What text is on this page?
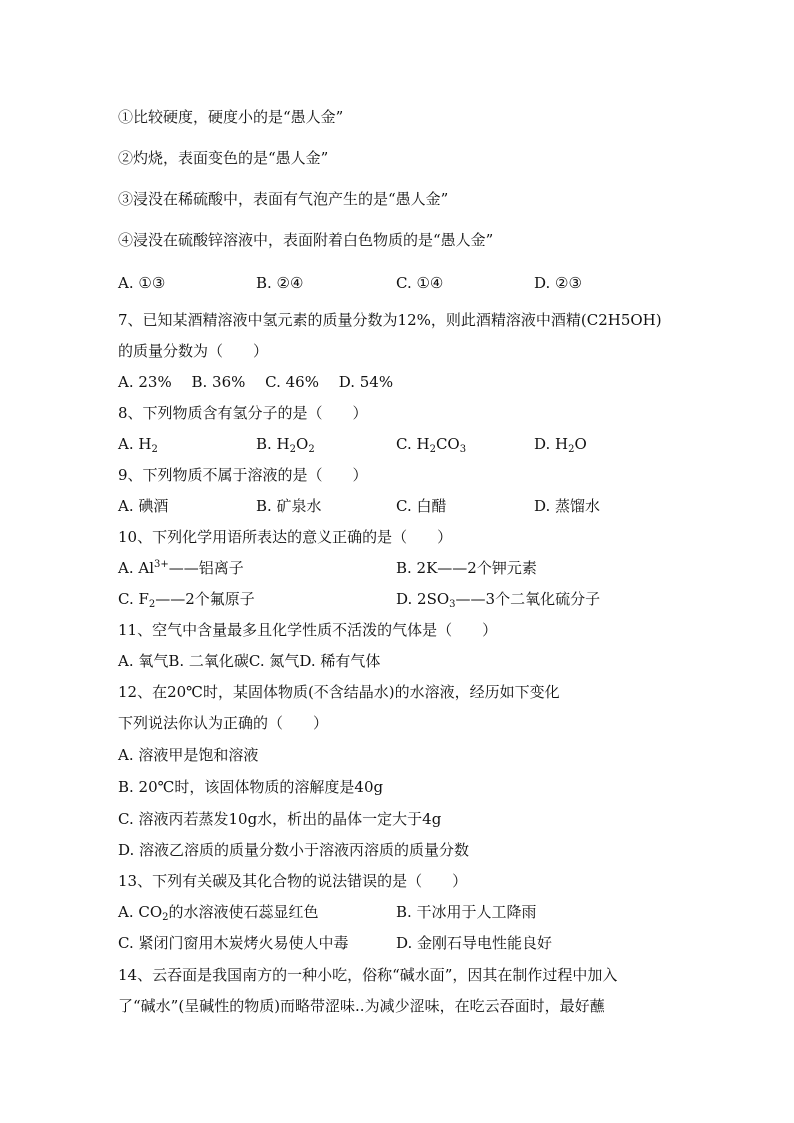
①比较硬度，硬度小的是“愚人金”
②灼烧，表面变色的是“愚人金”
③浸没在稀硫酸中，表面有气泡产生的是“愚人金”
④浸没在硫酸锌溶液中，表面附着白色物质的是“愚人金”
A. ①③	B. ②④	C. ①④	D. ②③
7、已知某酒精溶液中氢元素的质量分数为12%，则此酒精溶液中酒精(C2H5OH)
的质量分数为（　　）
A. 23%　 B. 36%　 C. 46%　 D. 54%
8、下列物质含有氢分子的是（　　）
A. $H_2$	B. $H_2O_2$	C. $H_2CO_3$	D. $H_2O$
9、下列物质不属于溶液的是（　　）
A. 碘酒	B. 矿泉水	C. 白醋	D. 蒸馏水
10、下列化学用语所表达的意义正确的是（　　）
A. $Al^{3+}——$铝离子	B. 2K——2个钾元素
C. $F_2——2$个氟原子	D. $2SO_3——3$个二氧化硫分子
11、空气中含量最多且化学性质不活泼的气体是（　　）
A. 氧气B. 二氧化碳C. 氮气D. 稀有气体
12、在20℃时，某固体物质(不含结晶水)的水溶液，经历如下变化
下列说法你认为正确的（　　）
A. 溶液甲是饱和溶液
B. 20℃时，该固体物质的溶解度是40g
C. 溶液丙若蒸发10g水，析出的晶体一定大于4g
D. 溶液乙溶质的质量分数小于溶液丙溶质的质量分数
13、下列有关碳及其化合物的说法错误的是（　　）
A. $CO_2$的水溶液使石蕊显红色	B. 干冰用于人工降雨
C. 紧闭门窗用木炭烤火易使人中毒	D. 金刚石导电性能良好
14、云吞面是我国南方的一种小吃，俗称“碱水面”，因其在制作过程中加入
了“碱水”(呈碱性的物质)而略带涩味..为减少涩味，在吃云吞面时，最好蘸
